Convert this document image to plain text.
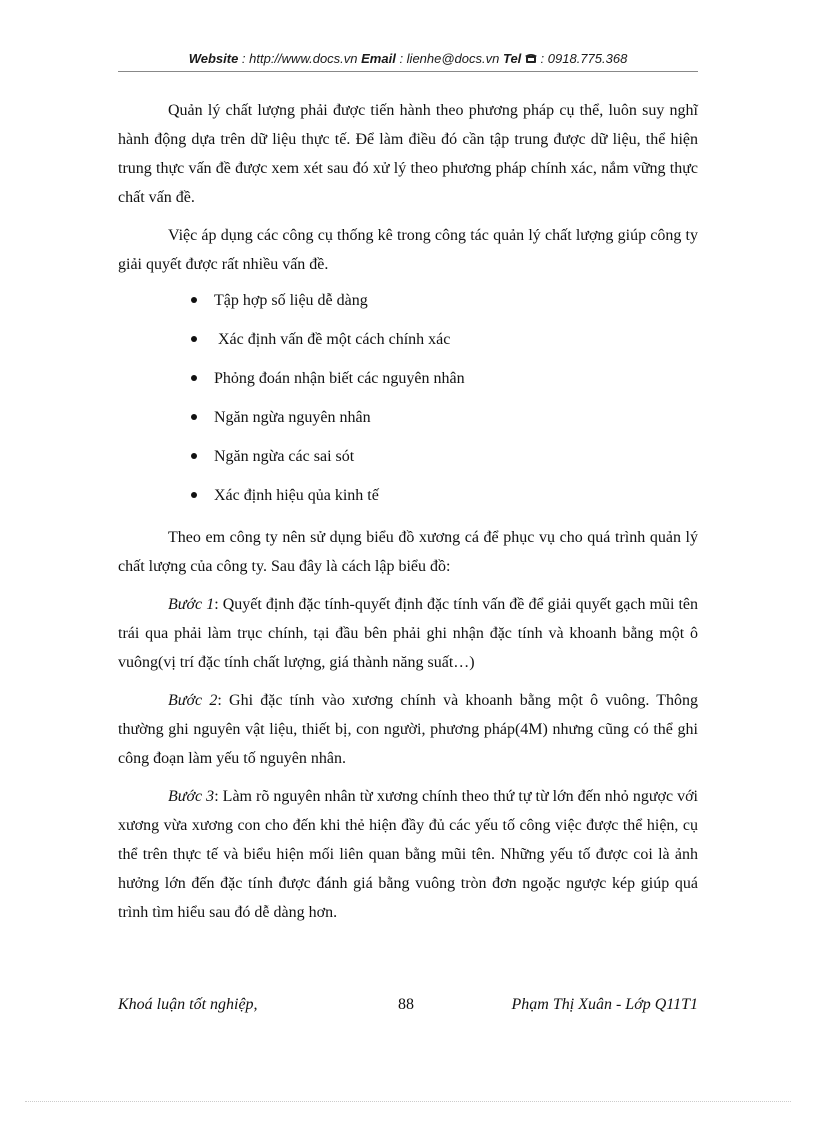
Website : http://www.docs.vn Email : lienhe@docs.vn Tel  : 0918.775.368

Quản lý chất lượng phải được tiến hành theo phương pháp cụ thể, luôn suy nghĩ hành động dựa trên dữ liệu thực tế. Để làm điều đó cần tập trung được dữ liệu, thể hiện trung thực vấn đề được xem xét sau đó xử lý theo phương pháp chính xác, nắm vững thực chất vấn đề.

Việc áp dụng các công cụ thống kê trong công tác quản lý chất lượng giúp công ty giải quyết được rất nhiều vấn đề.

Tập hợp số liệu dễ dàng
Xác định vấn đề một cách chính xác
Phỏng đoán nhận biết các nguyên nhân
Ngăn ngừa nguyên nhân
Ngăn ngừa các sai sót
Xác định hiệu qủa kinh tế

Theo em công ty nên sử dụng biểu đồ xương cá để phục vụ cho quá trình quản lý chất lượng của công ty. Sau đây là cách lập biểu đồ:

Bước 1: Quyết định đặc tính-quyết định đặc tính vấn đề để giải quyết gạch mũi tên trái qua phải làm trục chính, tại đầu bên phải ghi nhận đặc tính và khoanh bằng một ô vuông(vị trí đặc tính chất lượng, giá thành năng suất…)

Bước 2: Ghi đặc tính vào xương chính và khoanh bằng một ô vuông. Thông thường ghi nguyên vật liệu, thiết bị, con người, phương pháp(4M) nhưng cũng có thể ghi công đoạn làm yếu tố nguyên nhân.

Bước 3: Làm rõ nguyên nhân từ xương chính theo thứ tự từ lớn đến nhỏ ngược với xương vừa xương con cho đến khi thẻ hiện đầy đủ các yếu tố công việc được thể hiện, cụ thể trên thực tế và biểu hiện mối liên quan bằng mũi tên. Những yếu tố được coi là ảnh hưởng lớn đến đặc tính được đánh giá bằng vuông tròn đơn ngoặc ngược kép giúp quá trình tìm hiểu sau đó dễ dàng hơn.

Khoá luận tốt nghiệp,	88	Phạm Thị Xuân - Lớp Q11T1
